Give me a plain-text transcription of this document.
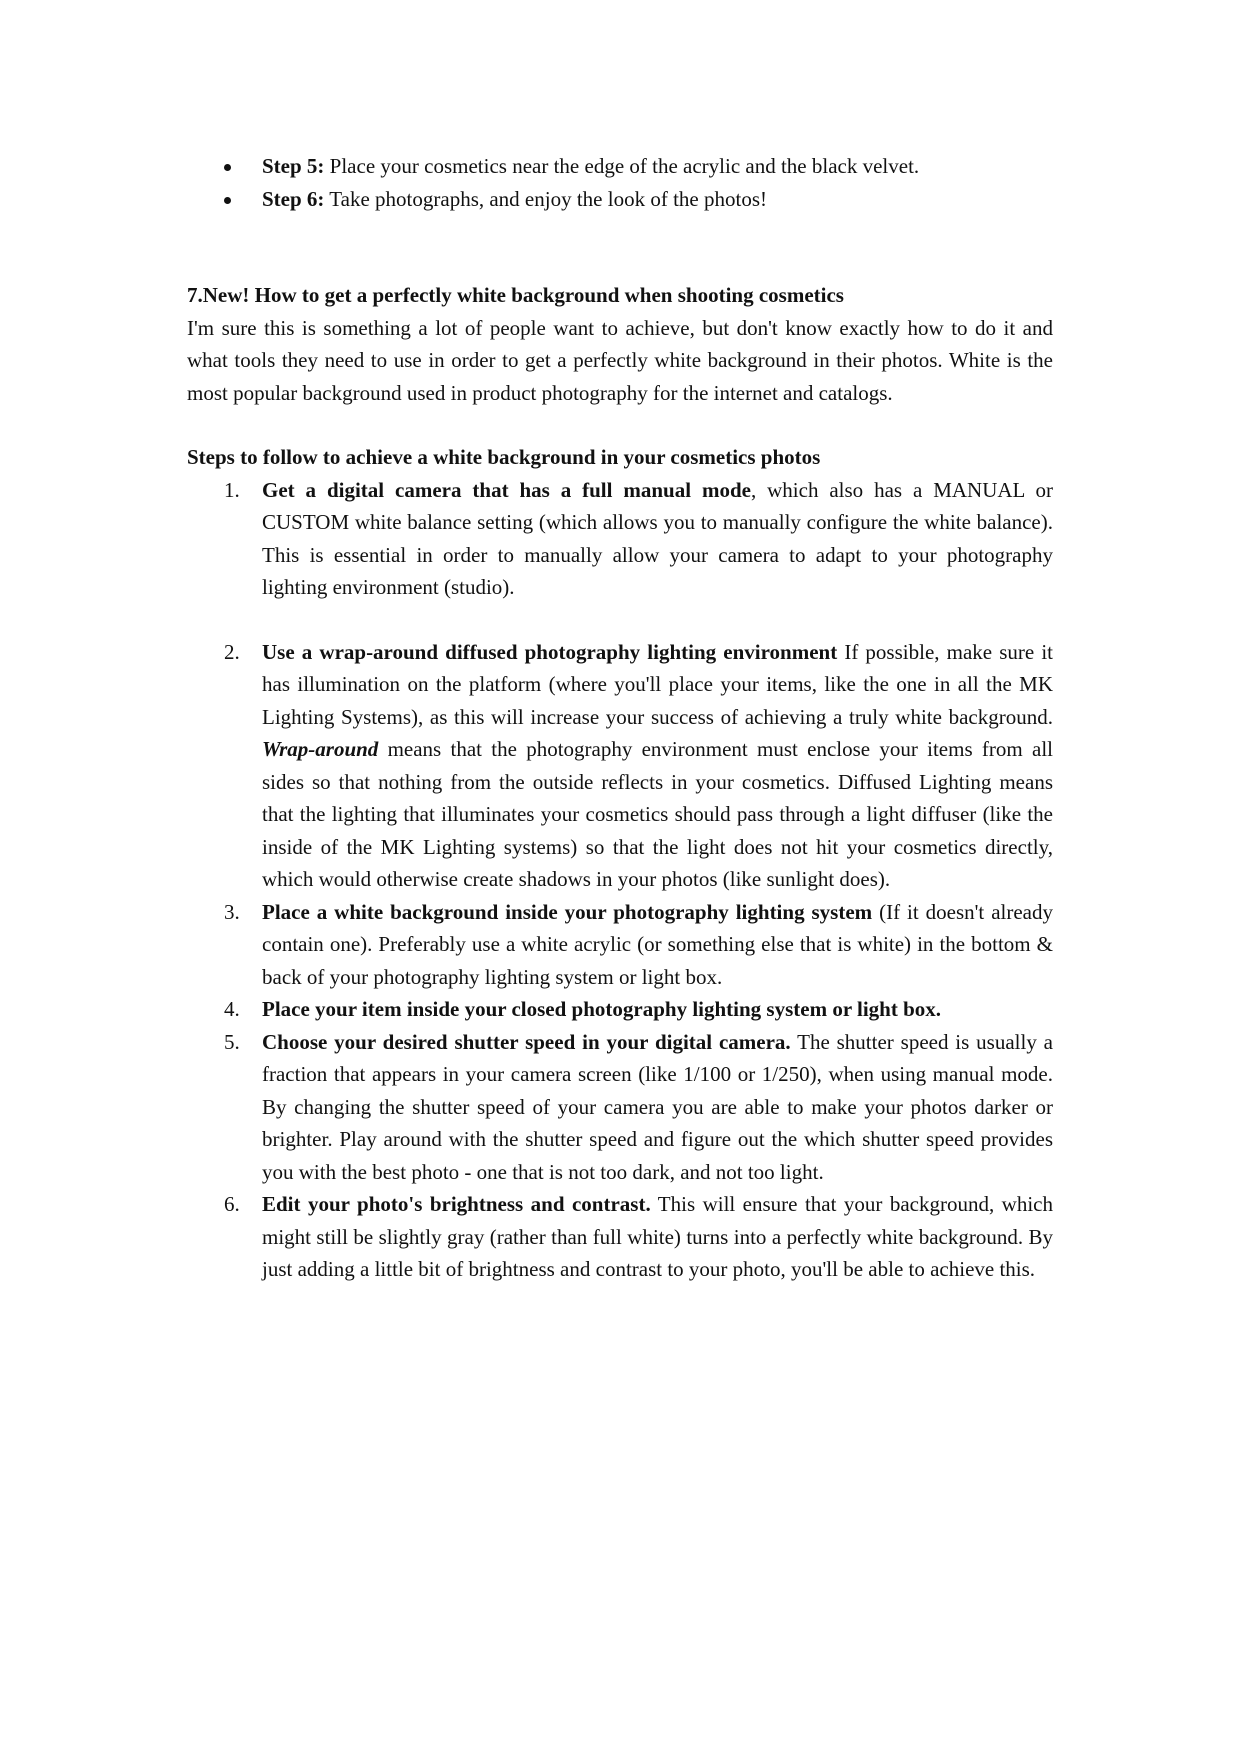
Step 5: Place your cosmetics near the edge of the acrylic and the black velvet.
Step 6: Take photographs, and enjoy the look of the photos!

7.New! How to get a perfectly white background when shooting cosmetics

I'm sure this is something a lot of people want to achieve, but don't know exactly how to do it and what tools they need to use in order to get a perfectly white background in their photos. White is the most popular background used in product photography for the internet and catalogs.

Steps to follow to achieve a white background in your cosmetics photos

1. Get a digital camera that has a full manual mode, which also has a MANUAL or CUSTOM white balance setting (which allows you to manually configure the white balance). This is essential in order to manually allow your camera to adapt to your photography lighting environment (studio).
2. Use a wrap-around diffused photography lighting environment If possible, make sure it has illumination on the platform (where you'll place your items, like the one in all the MK Lighting Systems), as this will increase your success of achieving a truly white background. Wrap-around means that the photography environment must enclose your items from all sides so that nothing from the outside reflects in your cosmetics. Diffused Lighting means that the lighting that illuminates your cosmetics should pass through a light diffuser (like the inside of the MK Lighting systems) so that the light does not hit your cosmetics directly, which would otherwise create shadows in your photos (like sunlight does).
3. Place a white background inside your photography lighting system (If it doesn't already contain one). Preferably use a white acrylic (or something else that is white) in the bottom & back of your photography lighting system or light box.
4. Place your item inside your closed photography lighting system or light box.
5. Choose your desired shutter speed in your digital camera. The shutter speed is usually a fraction that appears in your camera screen (like 1/100 or 1/250), when using manual mode. By changing the shutter speed of your camera you are able to make your photos darker or brighter. Play around with the shutter speed and figure out the which shutter speed provides you with the best photo - one that is not too dark, and not too light.
6. Edit your photo's brightness and contrast. This will ensure that your background, which might still be slightly gray (rather than full white) turns into a perfectly white background. By just adding a little bit of brightness and contrast to your photo, you'll be able to achieve this.
